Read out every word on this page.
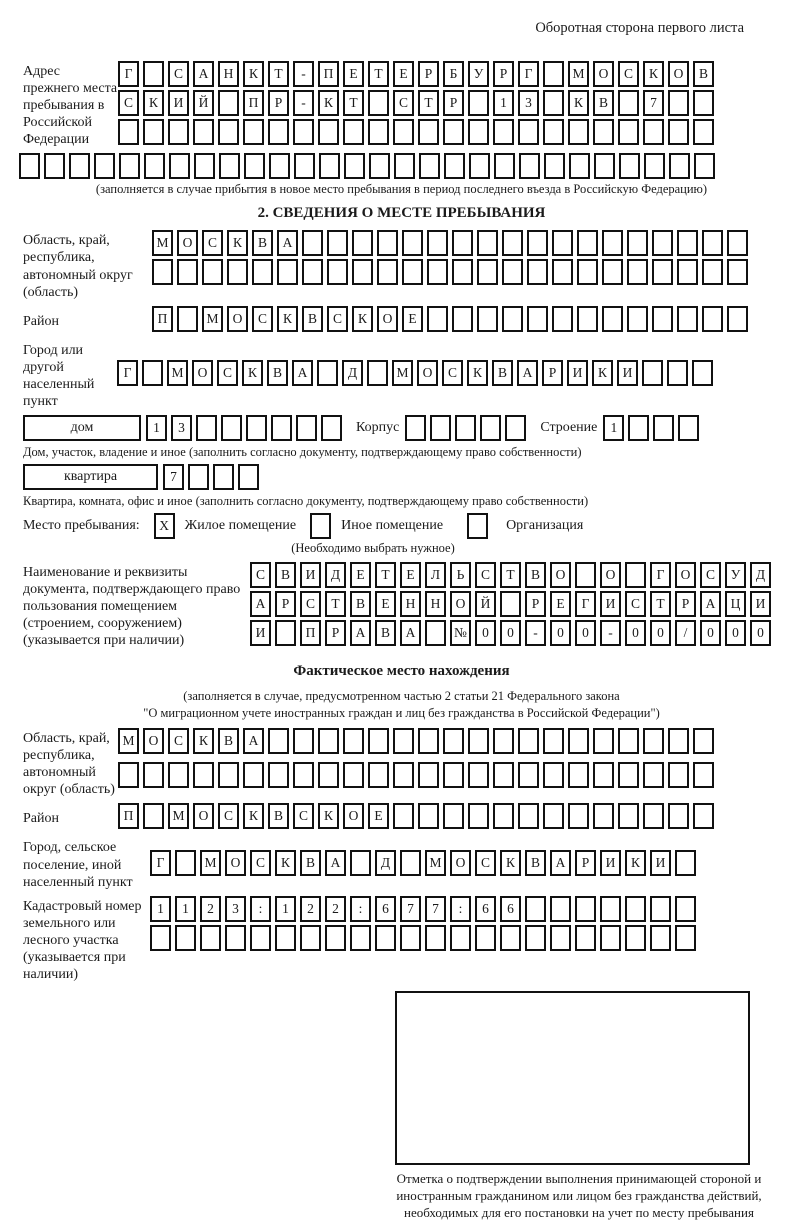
Оборотная сторона первого листа
Адрес прежнего места пребывания в Российской Федерации
Г	С	А	Н	К	Т	-	П	Е	Т	Е	Р	Б	У	Р	Г	М	О	С	К	О	В
С	К	И	Й	П	Р	-	К	Т	С	Т	Р	1	3	К	В	7
(заполняется в случае прибытия в новое место пребывания в период последнего въезда в Российскую Федерацию)
2. СВЕДЕНИЯ О МЕСТЕ ПРЕБЫВАНИЯ
Область, край, республика, автономный округ (область)
М	О	С	К	В	А
Район	П	М	О	С	К	В	С	К	О	Е
Город или другой населенный пункт
Г	М	О	С	К	В	А	Д	М	О	С	К	В	А	Р	И	К	И
дом	1	3	Корпус	Строение 1
Дом, участок, владение и иное (заполнить согласно документу, подтверждающему право собственности)
квартира	7
Квартира, комната, офис и иное (заполнить согласно документу, подтверждающему право собственности)
Место пребывания:	X	Жилое помещение	Иное помещение	Организация
(Необходимо выбрать нужное)
Наименование и реквизиты документа, подтверждающего право пользования помещением (строением, сооружением) (указывается при наличии)
С	В	И	Д	Е	Т	Е	Л	Ь	С	Т	В	О	О	Г	О	С	У	Д
А	Р	С	Т	В	Е	Н	Н	О	Й	Р	Е	Г	И	С	Т	Р	А	Ц	И
И	П	Р	А	В	А	№	0	0	-	0	0	-	0	0	/	0	0	0
Фактическое место нахождения
(заполняется в случае, предусмотренном частью 2 статьи 21 Федерального закона
"О миграционном учете иностранных граждан и лиц без гражданства в Российской Федерации")
Область, край, республика, автономный округ (область)
М	О	С	К	В	А
Район	П	М	О	С	К	В	С	К	О	Е
Город, сельское поселение, иной населенный пункт
Г	М	О	С	К	В	А	Д	М	О	С	К	В	А	Р	И	К	И
Кадастровый номер земельного или лесного участка (указывается при наличии)
1	1	2	3	:	1	2	2	:	6	7	7	:	6	6
Отметка о подтверждении выполнения принимающей стороной и иностранным гражданином или лицом без гражданства действий, необходимых для его постановки на учет по месту пребывания
